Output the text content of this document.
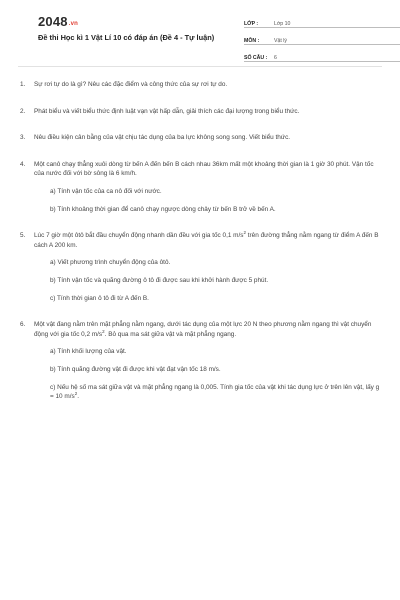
2048.vn
Đề thi Học kì 1 Vật Lí 10 có đáp án (Đề 4 - Tự luận)
LỚP :	Lớp 10
MÔN :	Vật lý
SỐ CÂU :	6
1.	Sự rơi tự do là gì? Nêu các đặc điểm và công thức của sự rơi tự do.
2.	Phát biểu và viết biểu thức định luật vạn vật hấp dẫn, giải thích các đại lượng trong biểu thức.
3.	Nêu điều kiện cân bằng của vật chịu tác dụng của ba lực không song song. Viết biểu thức.
4.	Một canô chạy thẳng xuôi dòng từ bến A đến bến B cách nhau 36km mất một khoảng thời gian là 1 giờ 30 phút. Vận tốc của nước đối với bờ sông là 6 km/h.
a) Tính vận tốc của ca nô đối với nước.
b) Tính khoảng thời gian để canô chạy ngược dòng chảy từ bến B trở về bến A.
5.	Lúc 7 giờ một ôtô bắt đầu chuyển động nhanh dần đều với gia tốc 0,1 $m/s^2$ trên đường thẳng nằm ngang từ điểm A đến B cách A 200 km.
a) Viết phương trình chuyển động của ôtô.
b) Tính vận tốc và quãng đường ô tô đi được sau khi khởi hành được 5 phút.
c) Tính thời gian ô tô đi từ A đến B.
6.	Một vật đang nằm trên mặt phẳng nằm ngang, dưới tác dụng của một lực 20 N theo phương nằm ngang thì vật chuyển động với gia tốc 0,2 $m/s^2$. Bỏ qua ma sát giữa vật và mặt phẳng ngang.
a) Tính khối lượng của vật.
b) Tính quãng đường vật đi được khi vật đạt vận tốc 18 m/s.
c) Nếu hệ số ma sát giữa vật và mặt phẳng ngang là 0,005. Tính gia tốc của vật khi tác dụng lực ở trên lên vật, lấy g = 10 $m/s^2$.
